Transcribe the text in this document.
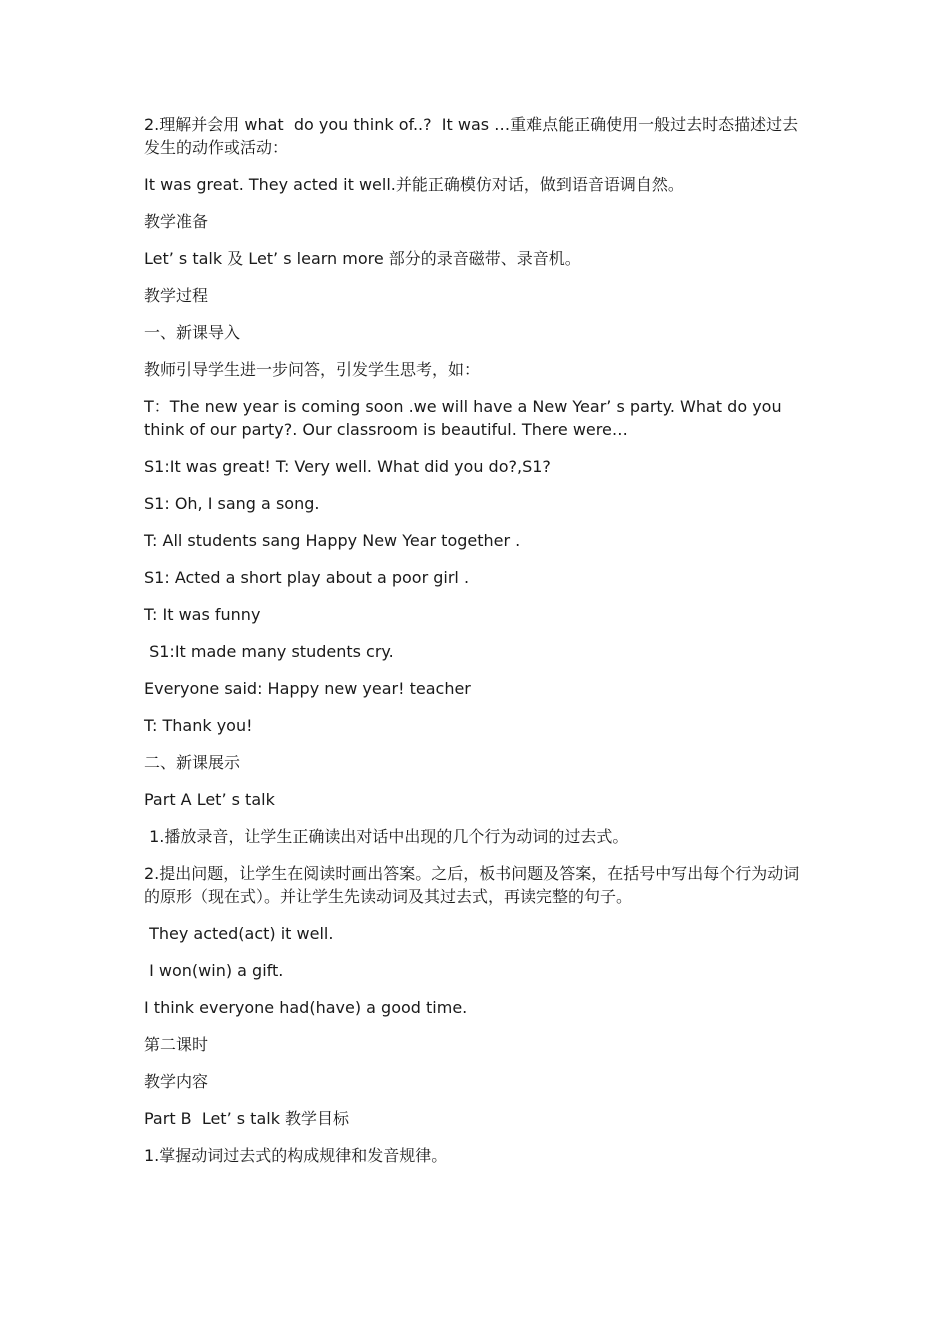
2.理解并会用 what  do you think of..?  It was …重难点能正确使用一般过去时态描述过去发生的动作或活动：

It was great. They acted it well.并能正确模仿对话，做到语音语调自然。

教学准备

Let’ s talk 及 Let’ s learn more 部分的录音磁带、录音机。

教学过程

一、新课导入

教师引导学生进一步问答，引发学生思考，如：

T：The new year is coming soon .we will have a New Year’ s party. What do you think of our party?. Our classroom is beautiful. There were…

S1:It was great! T: Very well. What did you do?,S1?

S1: Oh, I sang a song.

T: All students sang Happy New Year together .

S1: Acted a short play about a poor girl .

T: It was funny

S1:It made many students cry.

Everyone said: Happy new year! teacher

T: Thank you!

二、新课展示

Part A Let’ s talk

1.播放录音，让学生正确读出对话中出现的几个行为动词的过去式。

2.提出问题，让学生在阅读时画出答案。之后，板书问题及答案，在括号中写出每个行为动词的原形（现在式）。并让学生先读动词及其过去式，再读完整的句子。

They acted(act) it well.

I won(win) a gift.

I think everyone had(have) a good time.

第二课时

教学内容

Part B  Let’ s talk 教学目标

1.掌握动词过去式的构成规律和发音规律。
